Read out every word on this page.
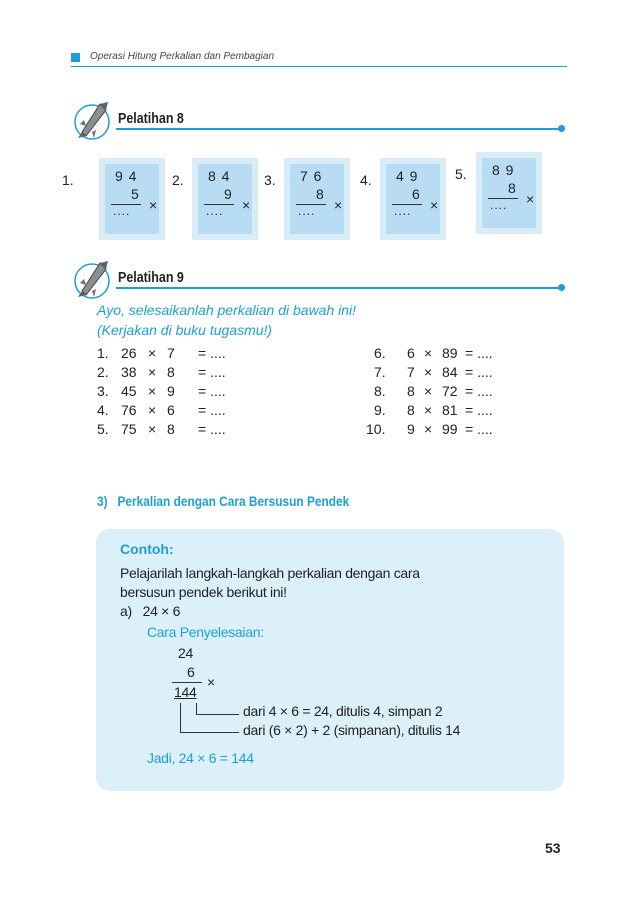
Operasi Hitung Perkalian dan Pembagian
Pelatihan 8
1.	9 4
5
.... ×
2. 8 4
9
.... ×
3. 7 6
8
.... ×
4. 4 9
6
.... ×
5. 8 9
8
.... ×
Pelatihan 9
Ayo, selesaikanlah perkalian di bawah ini!
(Kerjakan di buku tugasmu!)
1. 26 × 7 = ....
2. 38 × 8 = ....
3. 45 × 9 = ....
4. 76 × 6 = ....
5. 75 × 8 = ....
6. 6 × 89 = ....
7. 7 × 84 = ....
8. 8 × 72 = ....
9. 8 × 81 = ....
10. 9 × 99 = ....
3)   Perkalian dengan Cara Bersusun Pendek
Contoh:
Pelajarilah langkah-langkah perkalian dengan cara
bersusun pendek berikut ini!
a)   24 × 6
Cara Penyelesaian:
24
6
×
144
dari 4 × 6 = 24, ditulis 4, simpan 2
dari (6 × 2) + 2 (simpanan), ditulis 14
Jadi, 24 × 6 = 144
53
